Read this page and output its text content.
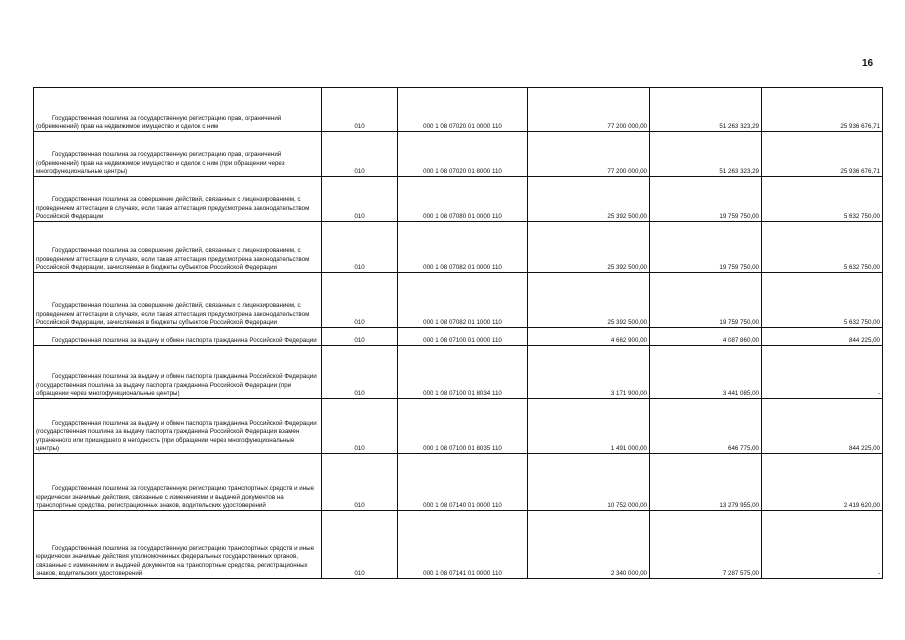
16
Государственная пошлина за государственную регистрацию прав, ограничений (обременений) прав на недвижимое имущество и сделок с ним	010	000 1 08 07020 01 0000 110	77 200 000,00	51 263 323,29	25 936 676,71

Государственная пошлина за государственную регистрацию прав, ограничений (обременений) прав на недвижимое имущество и сделок с ним (при обращении через многофункциональные центры)	010	000 1 08 07020 01 8000 110	77 200 000,00	51 263 323,29	25 936 676,71

Государственная пошлина за совершение действий, связанных с лицензированием, с проведением аттестации в случаях, если такая аттестация предусмотрена законодательством Российской Федерации	010	000 1 08 07080 01 0000 110	25 392 500,00	19 759 750,00	5 632 750,00

Государственная пошлина за совершение действий, связанных с лицензированием, с проведением аттестации в случаях, если такая аттестация предусмотрена законодательством Российской Федерации, зачисляемая в бюджеты субъектов Российской Федерации	010	000 1 08 07082 01 0000 110	25 392 500,00	19 759 750,00	5 632 750,00

Государственная пошлина за совершение действий, связанных с лицензированием, с проведением аттестации в случаях, если такая аттестация предусмотрена законодательством Российской Федерации, зачисляемая в бюджеты субъектов Российской Федерации	010	000 1 08 07082 01 1000 110	25 392 500,00	19 759 750,00	5 632 750,00

Государственная пошлина за выдачу и обмен паспорта гражданина Российской Федерации	010	000 1 08 07100 01 0000 110	4 662 900,00	4 087 860,00	844 225,00

Государственная пошлина за выдачу и обмен паспорта гражданина Российской Федерации (государственная пошлина за выдачу паспорта гражданина Российской Федерации (при обращении через многофункциональные центры)	010	000 1 08 07100 01 8034 110	3 171 900,00	3 441 085,00	-

Государственная пошлина за выдачу и обмен паспорта гражданина Российской Федерации (государственная пошлина за выдачу паспорта гражданина Российской Федерации взамен утраченного или пришедшего в негодность (при обращении через многофункциональные центры)	010	000 1 08 07100 01 8035 110	1 491 000,00	646 775,00	844 225,00

Государственная пошлина за государственную регистрацию транспортных средств и иные юридически значимые действия, связанные с изменениями и выдачей документов на транспортные средства, регистрационных знаков, водительских удостоверений	010	000 1 08 07140 01 0000 110	10 752 000,00	13 279 955,00	2 419 620,00

Государственная пошлина за государственную регистрацию транспортных средств и иные юридически значимые действия уполномоченных федеральных государственных органов, связанные с изменением и выдачей документов на транспортные средства, регистрационных знаков, водительских удостоверений	010	000 1 08 07141 01 0000 110	2 340 000,00	7 287 575,00	-
